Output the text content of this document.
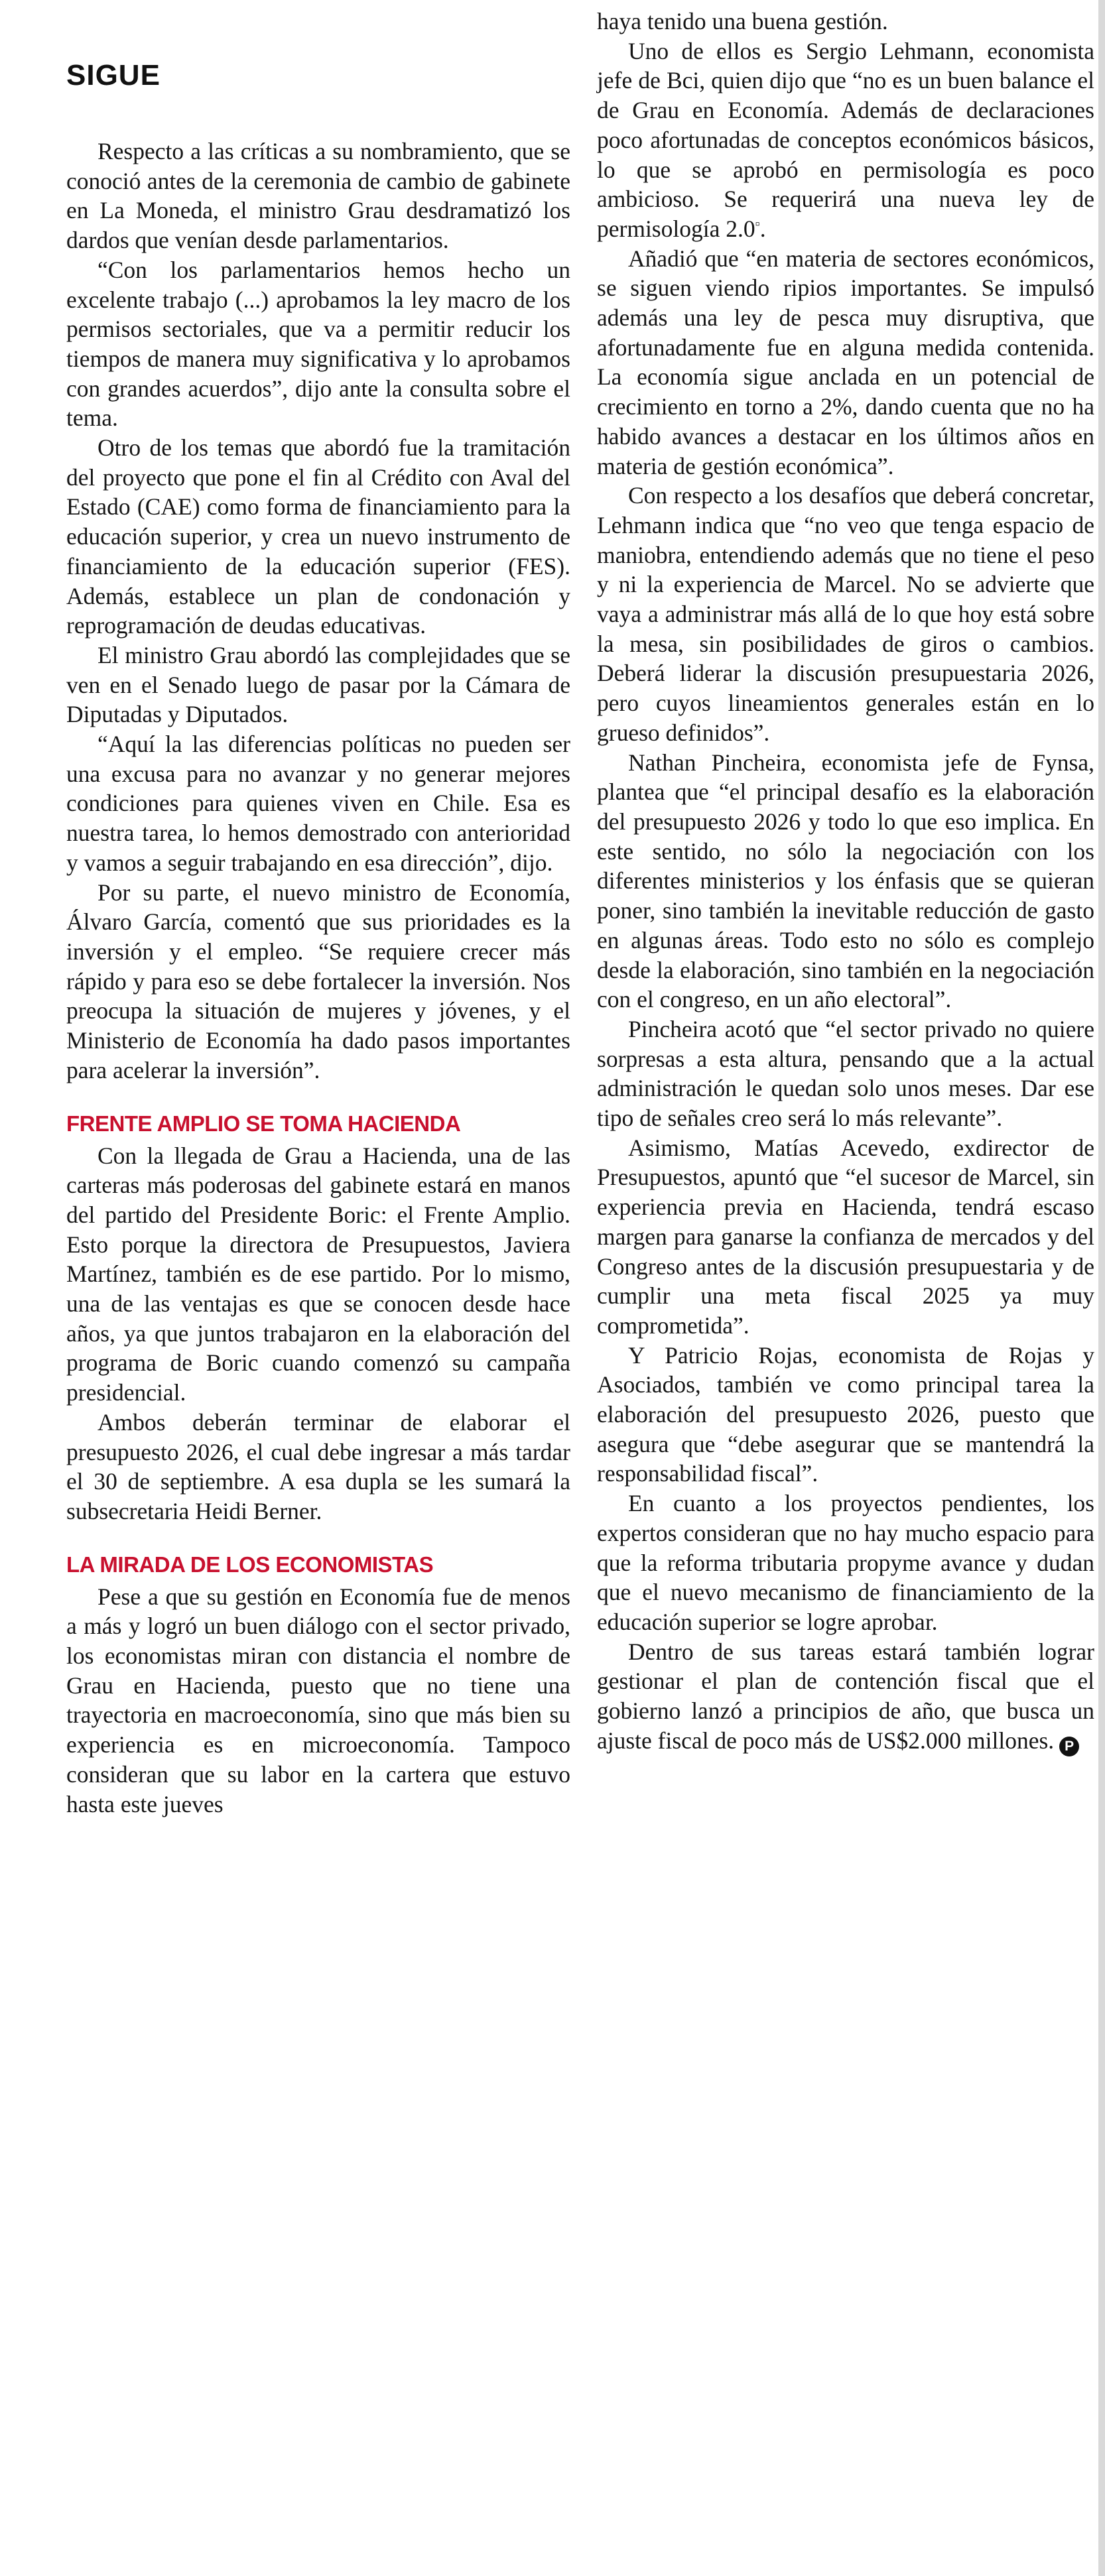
SIGUE

Respecto a las críticas a su nombramiento, que se conoció antes de la ceremonia de cambio de gabinete en La Moneda, el ministro Grau desdramatizó los dardos que venían desde parlamentarios.

“Con los parlamentarios hemos hecho un excelente trabajo (...) aprobamos la ley macro de los permisos sectoriales, que va a permitir reducir los tiempos de manera muy significativa y lo aprobamos con grandes acuerdos”, dijo ante la consulta sobre el tema.

Otro de los temas que abordó fue la tramitación del proyecto que pone el fin al Crédito con Aval del Estado (CAE) como forma de financiamiento para la educación superior, y crea un nuevo instrumento de financiamiento de la educación superior (FES). Además, establece un plan de condonación y reprogramación de deudas educativas.

El ministro Grau abordó las complejidades que se ven en el Senado luego de pasar por la Cámara de Diputadas y Diputados.

“Aquí la las diferencias políticas no pueden ser una excusa para no avanzar y no generar mejores condiciones para quienes viven en Chile. Esa es nuestra tarea, lo hemos demostrado con anterioridad y vamos a seguir trabajando en esa dirección”, dijo.

Por su parte, el nuevo ministro de Economía, Álvaro García, comentó que sus prioridades es la inversión y el empleo. “Se requiere crecer más rápido y para eso se debe fortalecer la inversión. Nos preocupa la situación de mujeres y jóvenes, y el Ministerio de Economía ha dado pasos importantes para acelerar la inversión”.

FRENTE AMPLIO SE TOMA HACIENDA

Con la llegada de Grau a Hacienda, una de las carteras más poderosas del gabinete estará en manos del partido del Presidente Boric: el Frente Amplio. Esto porque la directora de Presupuestos, Javiera Martínez, también es de ese partido. Por lo mismo, una de las ventajas es que se conocen desde hace años, ya que juntos trabajaron en la elaboración del programa de Boric cuando comenzó su campaña presidencial.

Ambos deberán terminar de elaborar el presupuesto 2026, el cual debe ingresar a más tardar el 30 de septiembre. A esa dupla se les sumará la subsecretaria Heidi Berner.

LA MIRADA DE LOS ECONOMISTAS

Pese a que su gestión en Economía fue de menos a más y logró un buen diálogo con el sector privado, los economistas miran con distancia el nombre de Grau en Hacienda, puesto que no tiene una trayectoria en macroeconomía, sino que más bien su experiencia es en microeconomía. Tampoco consideran que su labor en la cartera que estuvo hasta este jueves

haya tenido una buena gestión.

Uno de ellos es Sergio Lehmann, economista jefe de Bci, quien dijo que “no es un buen balance el de Grau en Economía. Además de declaraciones poco afortunadas de conceptos económicos básicos, lo que se aprobó en permisología es poco ambicioso. Se requerirá una nueva ley de permisología 2.0▫.

Añadió que “en materia de sectores económicos, se siguen viendo ripios importantes. Se impulsó además una ley de pesca muy disruptiva, que afortunadamente fue en alguna medida contenida. La economía sigue anclada en un potencial de crecimiento en torno a 2%, dando cuenta que no ha habido avances a destacar en los últimos años en materia de gestión económica”.

Con respecto a los desafíos que deberá concretar, Lehmann indica que “no veo que tenga espacio de maniobra, entendiendo además que no tiene el peso y ni la experiencia de Marcel. No se advierte que vaya a administrar más allá de lo que hoy está sobre la mesa, sin posibilidades de giros o cambios. Deberá liderar la discusión presupuestaria 2026, pero cuyos lineamientos generales están en lo grueso definidos”.

Nathan Pincheira, economista jefe de Fynsa, plantea que “el principal desafío es la elaboración del presupuesto 2026 y todo lo que eso implica. En este sentido, no sólo la negociación con los diferentes ministerios y los énfasis que se quieran poner, sino también la inevitable reducción de gasto en algunas áreas. Todo esto no sólo es complejo desde la elaboración, sino también en la negociación con el congreso, en un año electoral”.

Pincheira acotó que “el sector privado no quiere sorpresas a esta altura, pensando que a la actual administración le quedan solo unos meses. Dar ese tipo de señales creo será lo más relevante”.

Asimismo, Matías Acevedo, exdirector de Presupuestos, apuntó que “el sucesor de Marcel, sin experiencia previa en Hacienda, tendrá escaso margen para ganarse la confianza de mercados y del Congreso antes de la discusión presupuestaria y de cumplir una meta fiscal 2025 ya muy comprometida”.

Y Patricio Rojas, economista de Rojas y Asociados, también ve como principal tarea la elaboración del presupuesto 2026, puesto que asegura que “debe asegurar que se mantendrá la responsabilidad fiscal”.

En cuanto a los proyectos pendientes, los expertos consideran que no hay mucho espacio para que la reforma tributaria propyme avance y dudan que el nuevo mecanismo de financiamiento de la educación superior se logre aprobar.

Dentro de sus tareas estará también lograr gestionar el plan de contención fiscal que el gobierno lanzó a principios de año, que busca un ajuste fiscal de poco más de US$2.000 millones. P
